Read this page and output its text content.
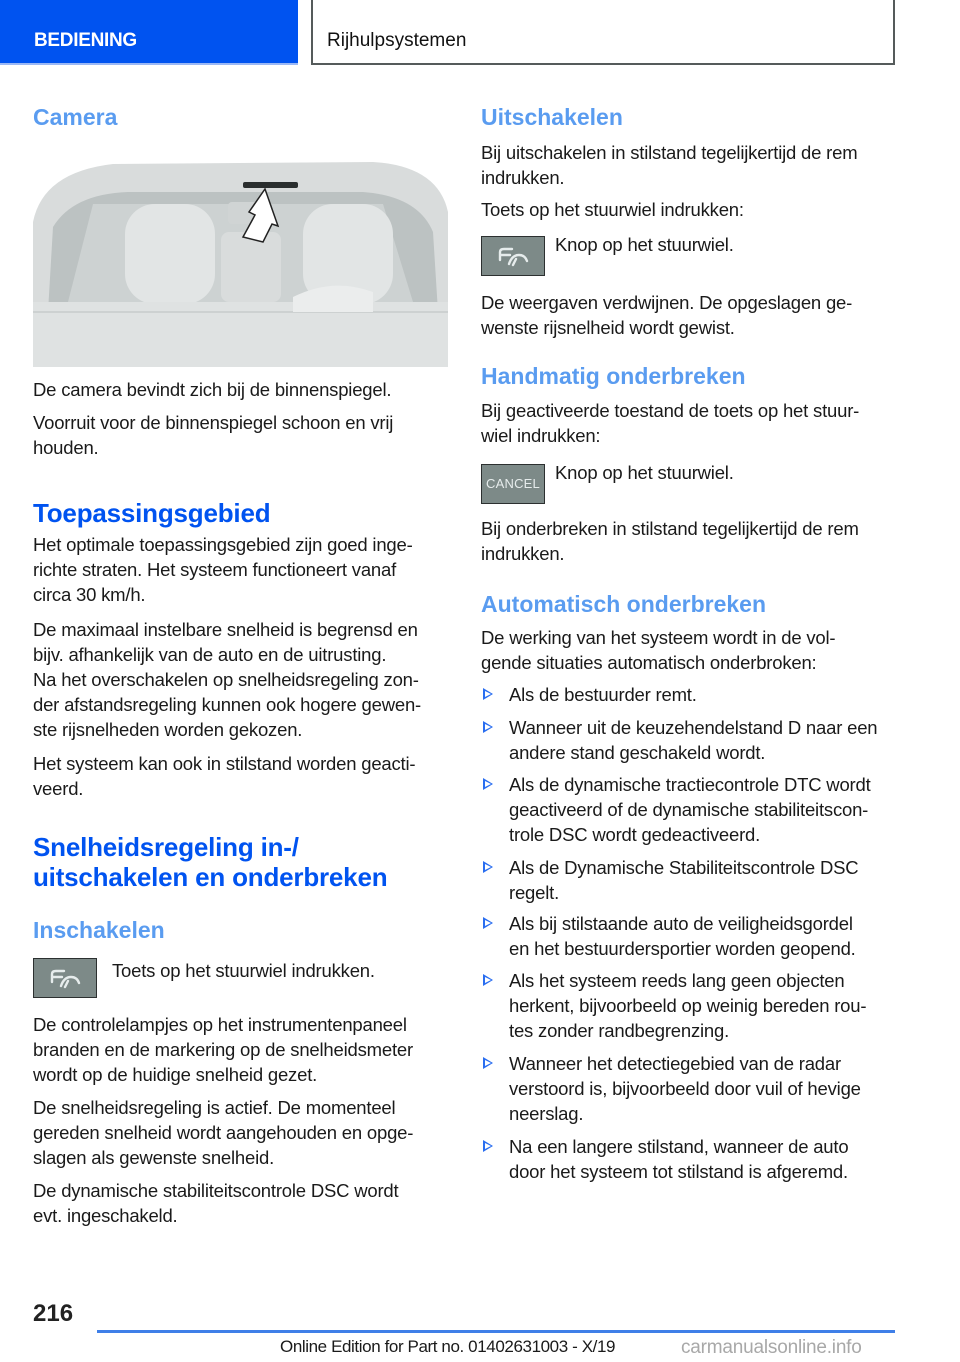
BEDIENING	Rijhulpsystemen
Camera
De camera bevindt zich bij de binnenspiegel.
Voorruit voor de binnenspiegel schoon en vrij
houden.
Toepassingsgebied
Het optimale toepassingsgebied zijn goed inge-
richte straten. Het systeem functioneert vanaf
circa 30 km/h.
De maximaal instelbare snelheid is begrensd en
bijv. afhankelijk van de auto en de uitrusting.
Na het overschakelen op snelheidsregeling zon-
der afstandsregeling kunnen ook hogere gewen-
ste rijsnelheden worden gekozen.
Het systeem kan ook in stilstand worden geacti-
veerd.
Snelheidsregeling in-/
uitschakelen en onderbreken
Inschakelen
Toets op het stuurwiel indrukken.
De controlelampjes op het instrumentenpaneel
branden en de markering op de snelheidsmeter
wordt op de huidige snelheid gezet.
De snelheidsregeling is actief. De momenteel
gereden snelheid wordt aangehouden en opge-
slagen als gewenste snelheid.
De dynamische stabiliteitscontrole DSC wordt
evt. ingeschakeld.
Uitschakelen
Bij uitschakelen in stilstand tegelijkertijd de rem
indrukken.
Toets op het stuurwiel indrukken:
Knop op het stuurwiel.
De weergaven verdwijnen. De opgeslagen ge-
wenste rijsnelheid wordt gewist.
Handmatig onderbreken
Bij geactiveerde toestand de toets op het stuur-
wiel indrukken:
CANCEL
Knop op het stuurwiel.
Bij onderbreken in stilstand tegelijkertijd de rem
indrukken.
Automatisch onderbreken
De werking van het systeem wordt in de vol-
gende situaties automatisch onderbroken:
Als de bestuurder remt.
Wanneer uit de keuzehendelstand D naar een
andere stand geschakeld wordt.
Als de dynamische tractiecontrole DTC wordt
geactiveerd of de dynamische stabiliteitscon-
trole DSC wordt gedeactiveerd.
Als de Dynamische Stabiliteitscontrole DSC
regelt.
Als bij stilstaande auto de veiligheidsgordel
en het bestuurdersportier worden geopend.
Als het systeem reeds lang geen objecten
herkent, bijvoorbeeld op weinig bereden rou-
tes zonder randbegrenzing.
Wanneer het detectiegebied van de radar
verstoord is, bijvoorbeeld door vuil of hevige
neerslag.
Na een langere stilstand, wanneer de auto
door het systeem tot stilstand is afgeremd.
216
Online Edition for Part no. 01402631003 - X/19	carmanualsonline.info
